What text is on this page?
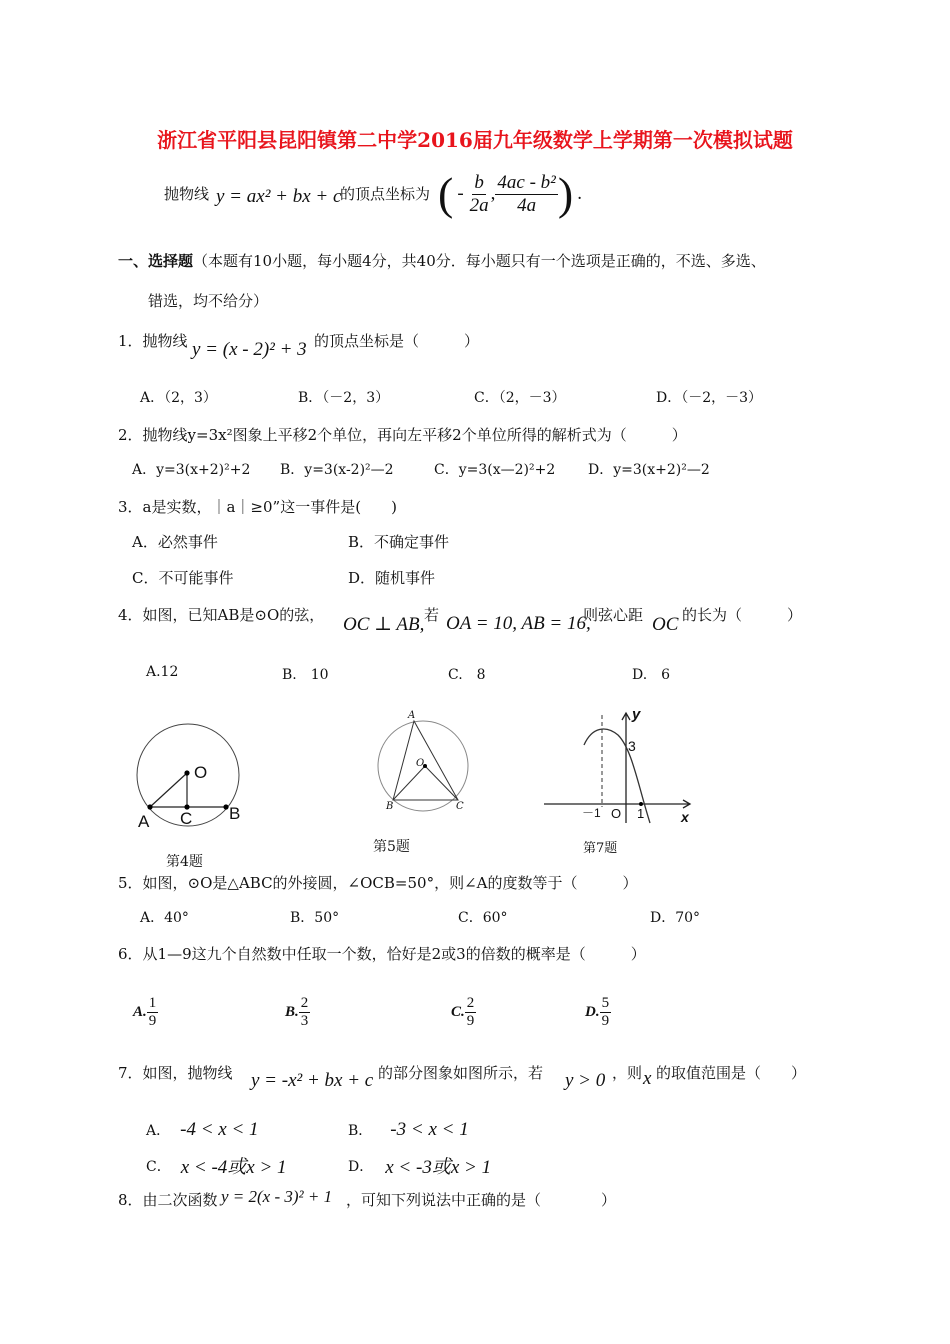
浙江省平阳县昆阳镇第二中学2016届九年级数学上学期第一次模拟试题
抛物线 y = ax² + bx + c
的顶点坐标为 ( - $\frac{b}{2a}$ , $\frac{\text{4ac - b²}}{4a}$ ) .
一、选择题（本题有10小题，每小题4分，共40分．每小题只有一个选项是正确的，不选、多选、
错选，均不给分）
1．抛物线 y = (x - 2)² + 3 的顶点坐标是（　　　）
A．（2，3）	B．（－2，3）	C．（2，－3）	D．（－2，－3）
2．抛物线y=3x²图象上平移2个单位，再向左平移2个单位所得的解析式为（　　　）
A．y=3(x+2)²+2 B．y=3(x-2)²—2	C．y=3(x—2)²+2 D．y=3(x+2)²—2
3．a是实数，｜a｜≥0”这一事件是(　　)
A．必然事件	B．不确定事件
C．不可能事件	D．随机事件
4．如图，已知AB是⊙O的弦， OC ⊥ AB, 若 OA = 10, AB = 16,
则弦心距 OC 的长为（　　　）
A.12	B.　10	C.　8	D.　6
O
A C B
第4题
A
O
B	C
第5题
y
3
－1 O 1	x
第7题
5．如图，⊙O是△ABC的外接圆，∠OCB=50°，则∠A的度数等于（　　　）
A．40°	B．50°	C．60°	D．70°
6．从1—9这九个自然数中任取一个数，恰好是2或3的倍数的概率是（　　　）
A. $\frac{1}{9}$	B. $\frac{2}{3}$	C. $\frac{2}{9}$	D. $\frac{5}{9}$
7．如图，抛物线 y = -x² + bx + c 的部分图象如图所示，若 y > 0 ，则 x 的取值范围是（　　）
A． -4 < x < 1	B． -3 < x < 1
C． x < -4或x > 1	D． x < -3或x > 1
8．由二次函数 y = 2(x - 3)² + 1 ，可知下列说法中正确的是（　　　　）
